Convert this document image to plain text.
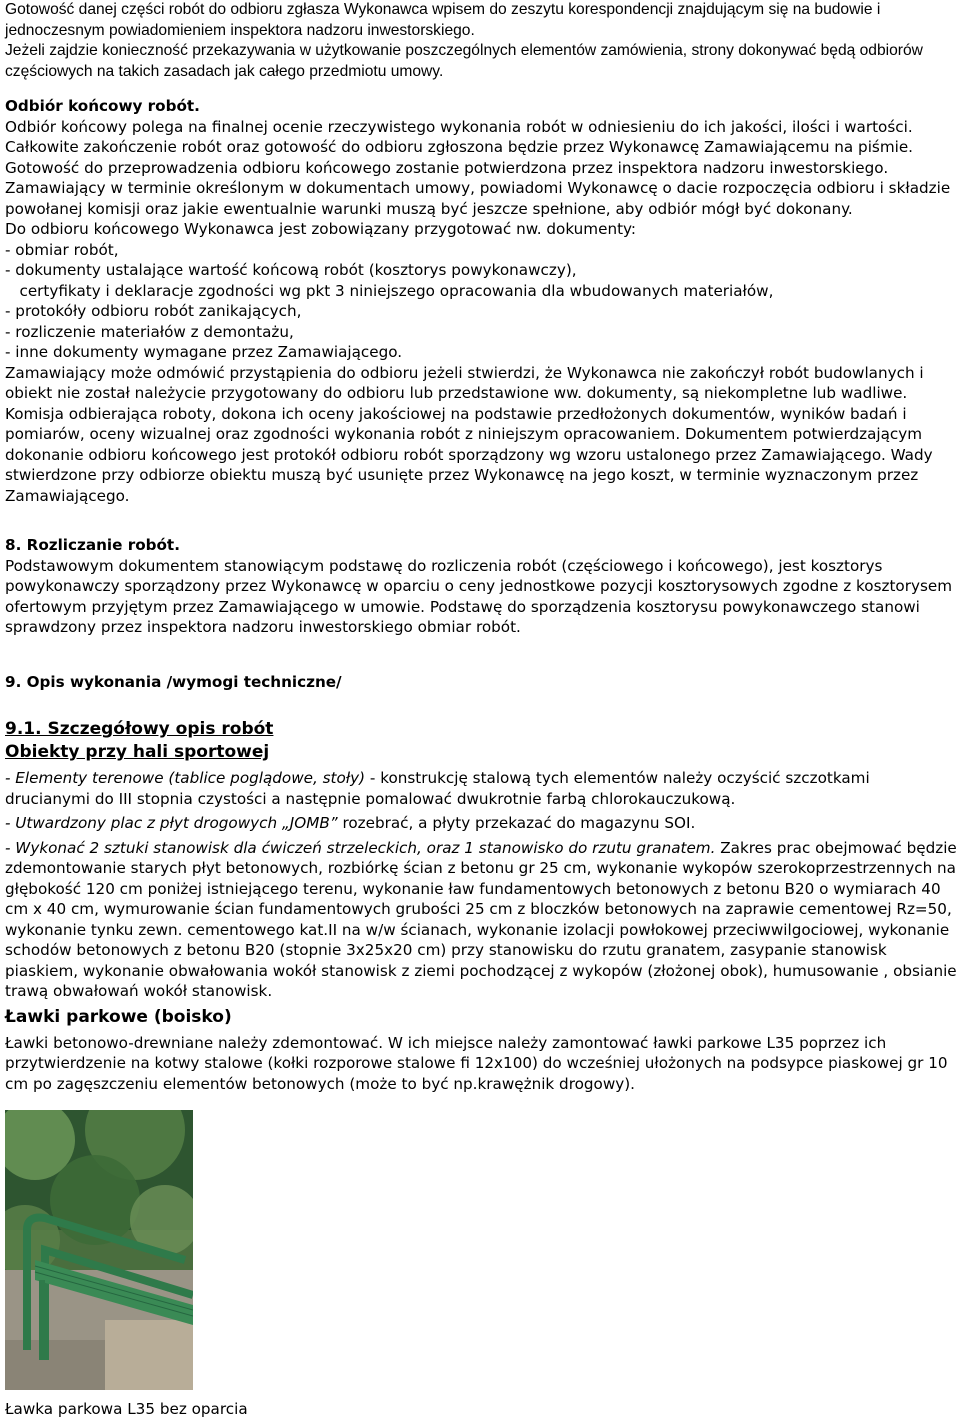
Gotowość danej części robót do odbioru zgłasza Wykonawca wpisem do zeszytu korespondencji znajdującym się na budowie i jednoczesnym powiadomieniem inspektora nadzoru inwestorskiego.

Jeżeli zajdzie konieczność przekazywania w użytkowanie poszczególnych elementów zamówienia, strony dokonywać będą odbiorów częściowych na takich zasadach jak całego przedmiotu umowy.

Odbiór końcowy robót.

Odbiór końcowy polega na finalnej ocenie rzeczywistego wykonania robót w odniesieniu do ich jakości, ilości i wartości.

Całkowite zakończenie robót oraz gotowość do odbioru zgłoszona będzie przez Wykonawcę Zamawiającemu na piśmie.

Gotowość do przeprowadzenia odbioru końcowego zostanie potwierdzona przez inspektora nadzoru inwestorskiego.

Zamawiający w terminie określonym w dokumentach umowy, powiadomi Wykonawcę o dacie rozpoczęcia odbioru i składzie powołanej komisji oraz jakie ewentualnie warunki muszą być jeszcze spełnione, aby odbiór mógł być dokonany.

Do odbioru końcowego Wykonawca jest zobowiązany przygotować nw. dokumenty:

- obmiar robót,

- dokumenty ustalające wartość końcową robót (kosztorys powykonawczy),

certyfikaty i deklaracje zgodności wg pkt 3 niniejszego opracowania dla wbudowanych materiałów,

- protokóły odbioru robót zanikających,

- rozliczenie materiałów z demontażu,

- inne dokumenty wymagane przez Zamawiającego.

Zamawiający może odmówić przystąpienia do odbioru jeżeli stwierdzi, że Wykonawca nie zakończył robót budowlanych i obiekt nie został należycie przygotowany do odbioru lub przedstawione ww. dokumenty, są niekompletne lub wadliwe.

Komisja odbierająca roboty, dokona ich oceny jakościowej na podstawie przedłożonych dokumentów, wyników badań i pomiarów, oceny wizualnej oraz zgodności wykonania robót z niniejszym opracowaniem. Dokumentem potwierdzającym dokonanie odbioru końcowego jest protokół odbioru robót sporządzony wg wzoru ustalonego przez Zamawiającego. Wady stwierdzone przy odbiorze obiektu muszą być usunięte przez Wykonawcę na jego koszt, w terminie wyznaczonym przez Zamawiającego.

8. Rozliczanie robót.

Podstawowym dokumentem stanowiącym podstawę do rozliczenia robót (częściowego i końcowego), jest kosztorys powykonawczy sporządzony przez Wykonawcę w oparciu o ceny jednostkowe pozycji kosztorysowych zgodne z kosztorysem ofertowym przyjętym przez Zamawiającego w umowie. Podstawę do sporządzenia kosztorysu powykonawczego stanowi sprawdzony przez inspektora nadzoru inwestorskiego obmiar robót.

9. Opis wykonania /wymogi techniczne/

9.1. Szczegółowy opis robót

Obiekty przy hali sportowej

- Elementy terenowe (tablice poglądowe, stoły) - konstrukcję stalową tych elementów należy oczyścić szczotkami drucianymi do III stopnia czystości a następnie pomalować dwukrotnie farbą chlorokauczukową.

- Utwardzony plac z płyt drogowych „JOMB” rozebrać, a płyty przekazać do magazynu SOI.

- Wykonać 2 sztuki stanowisk dla ćwiczeń strzeleckich, oraz 1 stanowisko do rzutu granatem. Zakres prac obejmować będzie zdemontowanie starych płyt betonowych, rozbiórkę ścian z betonu gr 25 cm, wykonanie wykopów szerokoprzestrzennych na głębokość 120 cm poniżej istniejącego terenu, wykonanie ław fundamentowych betonowych z betonu B20 o wymiarach 40 cm x 40 cm, wymurowanie ścian fundamentowych grubości 25 cm z bloczków betonowych na zaprawie cementowej Rz=50, wykonanie tynku zewn. cementowego kat.II na w/w ścianach, wykonanie izolacji powłokowej przeciwwilgociowej, wykonanie schodów betonowych z betonu B20 (stopnie 3x25x20 cm) przy stanowisku do rzutu granatem, zasypanie stanowisk piaskiem, wykonanie obwałowania wokół stanowisk z ziemi pochodzącej z wykopów (złożonej obok), humusowanie , obsianie trawą obwałowań wokół stanowisk.

Ławki parkowe (boisko)

Ławki betonowo-drewniane należy zdemontować. W ich miejsce należy zamontować ławki parkowe L35 poprzez ich przytwierdzenie na kotwy stalowe (kołki rozporowe stalowe fi 12x100) do wcześniej ułożonych na podsypce piaskowej gr 10 cm po zagęszczeniu elementów betonowych (może to być np.krawężnik drogowy).

Ławka parkowa L35 bez oparcia
